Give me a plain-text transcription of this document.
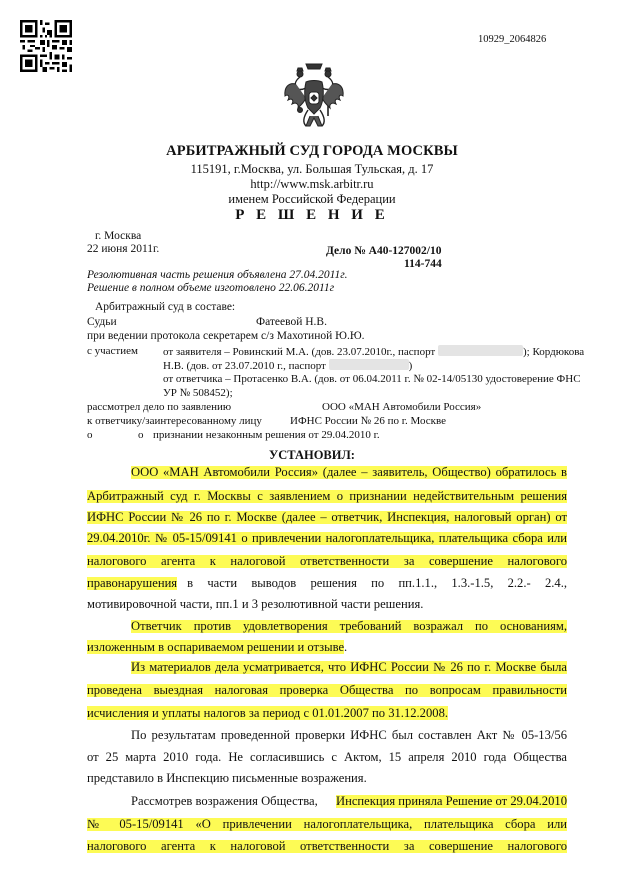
10929_2064826
АРБИТРАЖНЫЙ СУД ГОРОДА МОСКВЫ
115191, г.Москва, ул. Большая Тульская, д. 17
http://www.msk.arbitr.ru
именем Российской Федерации
Р Е Ш Е Н И Е
г. Москва
22 июня 2011г.	Дело № А40-127002/10
114-744
Резолютивная часть решения объявлена 27.04.2011г.
Решение в полном объеме изготовлено 22.06.2011г
Арбитражный суд в составе:
Судьи	Фатеевой Н.В.
при ведении протокола секретарем с/з Махотиной Ю.Ю.
с участием от заявителя – Ровинский М.А. (дов. 23.07.2010г., паспорт	); Кордюкова
Н.В. (дов. от 23.07.2010 г., паспорт	)
от ответчика – Протасенко В.А. (дов. от 06.04.2011 г. № 02-14/05130 удостоверение ФНС
УР № 508452);
рассмотрел дело по заявлению	ООО «МАН Автомобили Россия»
к ответчику/заинтересованному лицу	ИФНС России № 26 по г. Москве
о	о признании незаконным решения от 29.04.2010 г.
УСТАНОВИЛ:
ООО «МАН Автомобили Россия» (далее – заявитель, Общество) обратилось в
Арбитражный суд г. Москвы с заявлением о признании недействительным решения
ИФНС России № 26 по г. Москве (далее – ответчик, Инспекция, налоговый орган) от
29.04.2010г. № 05-15/09141 о привлечении налогоплательщика, плательщика сбора или
налогового агента к налоговой ответственности за совершение налогового
правонарушения в части выводов решения по пп.1.1., 1.3.-1.5, 2.2.- 2.4.,
мотивировочной части, пп.1 и 3 резолютивной части решения.
Ответчик против удовлетворения требований возражал по основаниям,
изложенным в оспариваемом решении и отзыве.
Из материалов дела усматривается, что ИФНС России № 26 по г. Москве была
проведена выездная налоговая проверка Общества по вопросам правильности
исчисления и уплаты налогов за период с 01.01.2007 по 31.12.2008.
По результатам проведенной проверки ИФНС был составлен Акт № 05-13/56
от 25 марта 2010 года. Не согласившись с Актом, 15 апреля 2010 года Общества
представило в Инспекцию письменные возражения.
Рассмотрев возражения Общества, Инспекция приняла Решение от 29.04.2010
№ 05-15/09141 «О привлечении налогоплательщика, плательщика сбора или
налогового агента к налоговой ответственности за совершение налогового
